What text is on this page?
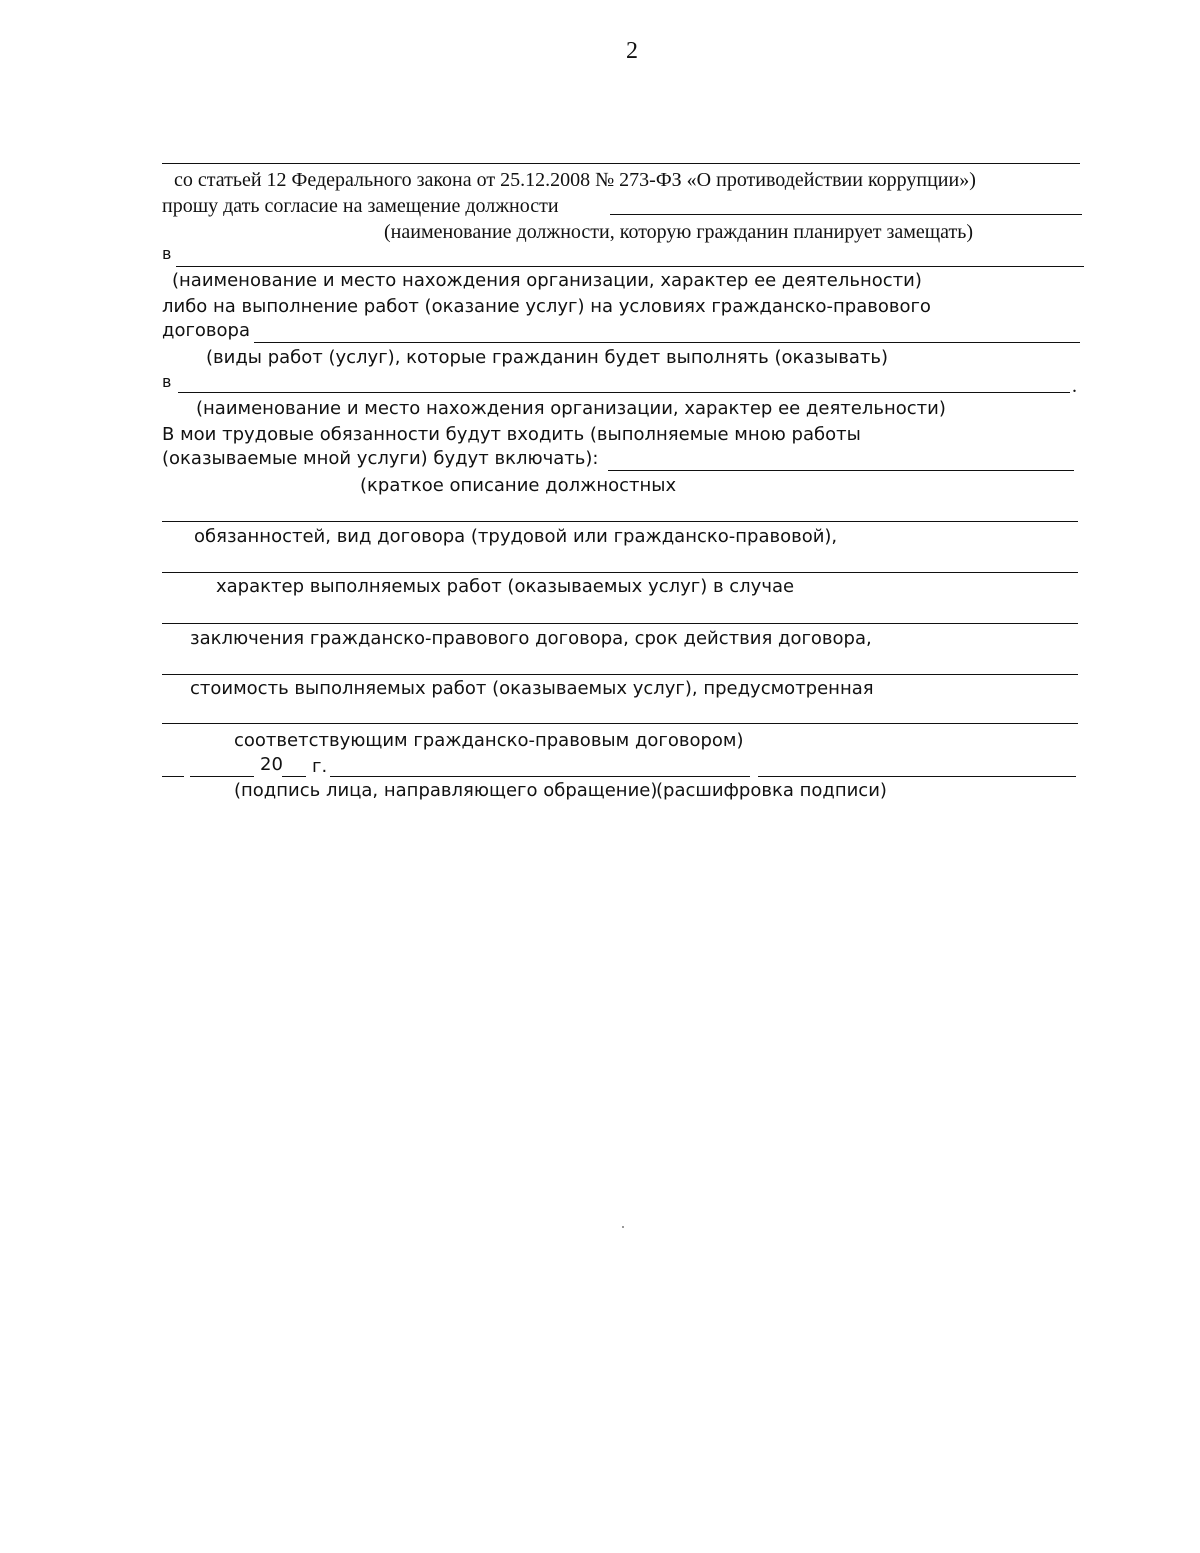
2
со статьей 12 Федерального закона от 25.12.2008 № 273-ФЗ «О противодействии коррупции»)
прошу дать согласие на замещение должности
(наименование должности, которую гражданин планирует замещать)
в
(наименование и место нахождения организации, характер ее деятельности)
либо на выполнение работ (оказание услуг) на условиях гражданско-правового
договора
(виды работ (услуг), которые гражданин будет выполнять (оказывать)
в	.
(наименование и место нахождения организации, характер ее деятельности)
В мои трудовые обязанности будут входить (выполняемые мною работы
(оказываемые мной услуги) будут включать):
(краткое описание должностных
обязанностей, вид договора (трудовой или гражданско-правовой),
характер выполняемых работ (оказываемых услуг) в случае
заключения гражданско-правового договора, срок действия договора,
стоимость выполняемых работ (оказываемых услуг), предусмотренная
соответствующим гражданско-правовым договором)
20 г.
(подпись лица, направляющего обращение)
(расшифровка подписи)
